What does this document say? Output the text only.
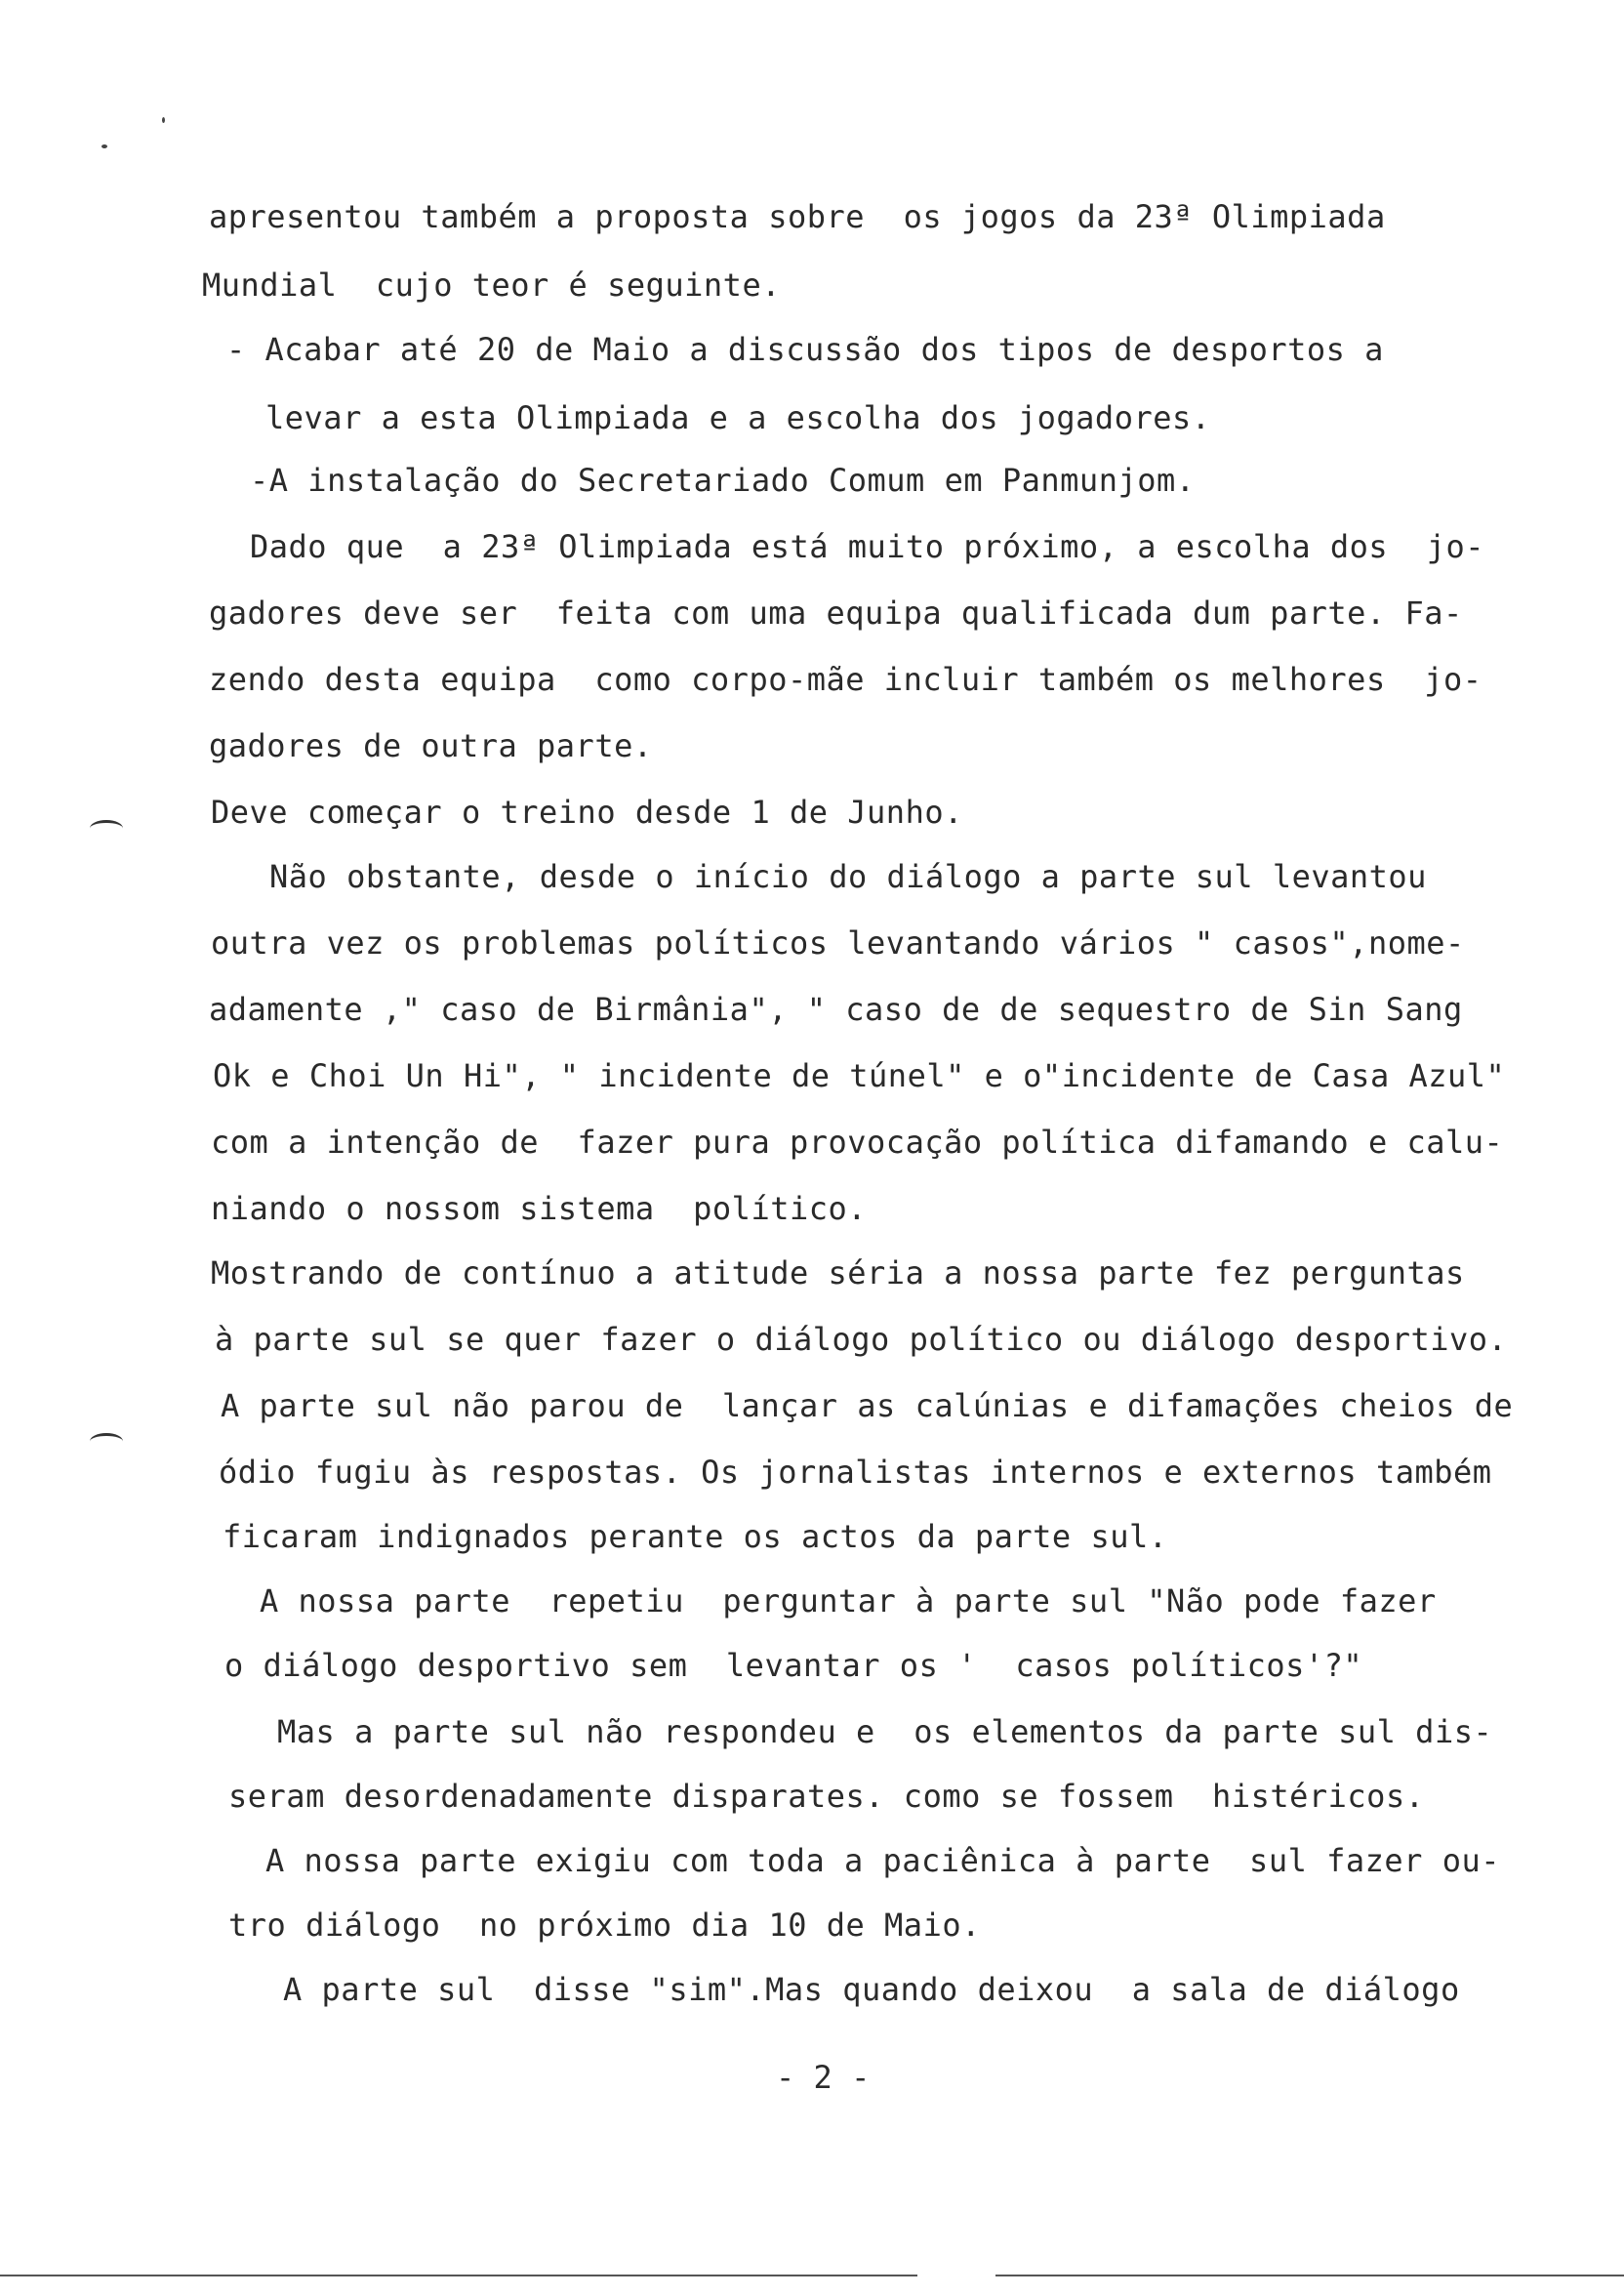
apresentou também a proposta sobre  os jogos da 23ª Olimpiada
Mundial  cujo teor é seguinte.
- Acabar até 20 de Maio a discussão dos tipos de desportos a
levar a esta Olimpiada e a escolha dos jogadores.
-A instalação do Secretariado Comum em Panmunjom.
Dado que  a 23ª Olimpiada está muito próximo, a escolha dos  jo-
gadores deve ser  feita com uma equipa qualificada dum parte. Fa-
zendo desta equipa  como corpo-mãe incluir também os melhores  jo-
gadores de outra parte.
Deve começar o treino desde 1 de Junho.
Não obstante, desde o início do diálogo a parte sul levantou
outra vez os problemas políticos levantando vários " casos",nome-
adamente ," caso de Birmânia", " caso de de sequestro de Sin Sang
Ok e Choi Un Hi", " incidente de túnel" e o"incidente de Casa Azul"
com a intenção de  fazer pura provocação política difamando e calu-
niando o nossom sistema  político.
Mostrando de contínuo a atitude séria a nossa parte fez perguntas
à parte sul se quer fazer o diálogo político ou diálogo desportivo.
A parte sul não parou de  lançar as calúnias e difamações cheios de
ódio fugiu às respostas. Os jornalistas internos e externos também
ficaram indignados perante os actos da parte sul.
A nossa parte  repetiu  perguntar à parte sul "Não pode fazer
o diálogo desportivo sem  levantar os '  casos políticos'?"
Mas a parte sul não respondeu e  os elementos da parte sul dis-
seram desordenadamente disparates. como se fossem  histéricos.
A nossa parte exigiu com toda a paciênica à parte  sul fazer ou-
tro diálogo  no próximo dia 10 de Maio.
A parte sul  disse "sim".Mas quando deixou  a sala de diálogo
- 2 -
